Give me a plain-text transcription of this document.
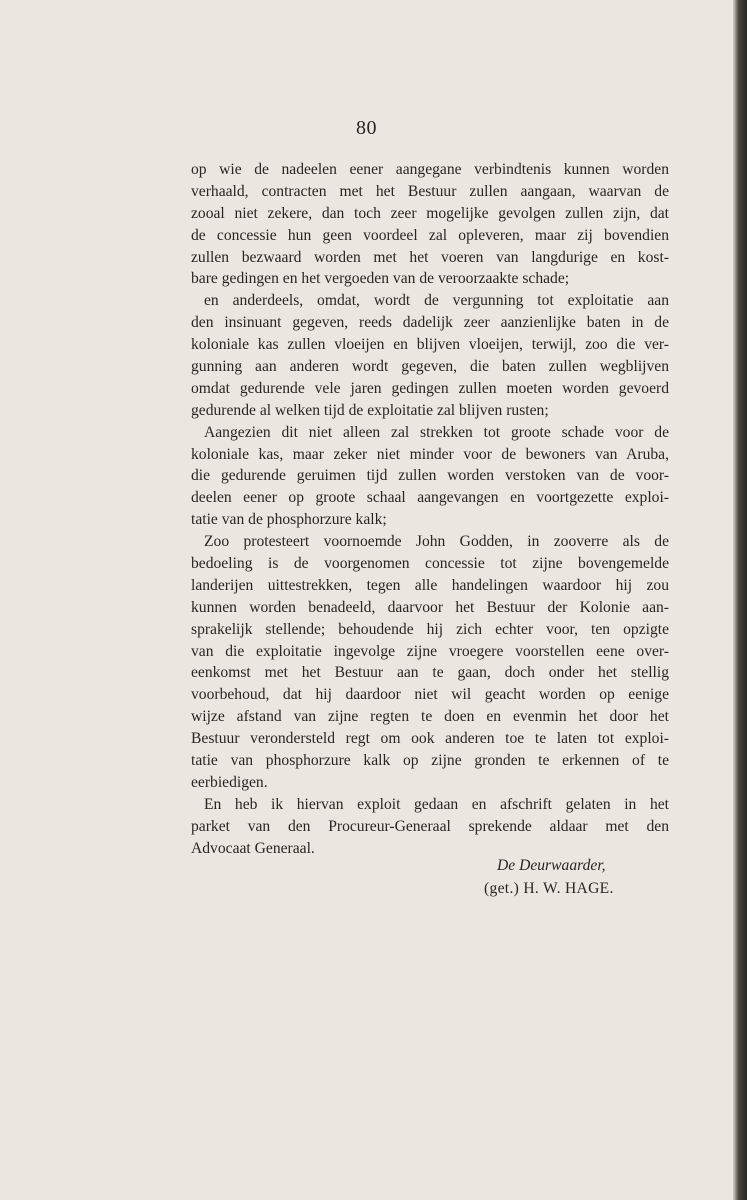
80
op wie de nadeelen eener aangegane verbindtenis kunnen worden
verhaald, contracten met het Bestuur zullen aangaan, waarvan de
zooal niet zekere, dan toch zeer mogelijke gevolgen zullen zijn, dat
de concessie hun geen voordeel zal opleveren, maar zij bovendien
zullen bezwaard worden met het voeren van langdurige en kost-
bare gedingen en het vergoeden van de veroorzaakte schade;
en anderdeels, omdat, wordt de vergunning tot exploitatie aan
den insinuant gegeven, reeds dadelijk zeer aanzienlijke baten in de
koloniale kas zullen vloeijen en blijven vloeijen, terwijl, zoo die ver-
gunning aan anderen wordt gegeven, die baten zullen wegblijven
omdat gedurende vele jaren gedingen zullen moeten worden gevoerd
gedurende al welken tijd de exploitatie zal blijven rusten;
Aangezien dit niet alleen zal strekken tot groote schade voor de
koloniale kas, maar zeker niet minder voor de bewoners van Aruba,
die gedurende geruimen tijd zullen worden verstoken van de voor-
deelen eener op groote schaal aangevangen en voortgezette exploi-
tatie van de phosphorzure kalk;
Zoo protesteert voornoemde John Godden, in zooverre als de
bedoeling is de voorgenomen concessie tot zijne bovengemelde
landerijen uittestrekken, tegen alle handelingen waardoor hij zou
kunnen worden benadeeld, daarvoor het Bestuur der Kolonie aan-
sprakelijk stellende; behoudende hij zich echter voor, ten opzigte
van die exploitatie ingevolge zijne vroegere voorstellen eene over-
eenkomst met het Bestuur aan te gaan, doch onder het stellig
voorbehoud, dat hij daardoor niet wil geacht worden op eenige
wijze afstand van zijne regten te doen en evenmin het door het
Bestuur verondersteld regt om ook anderen toe te laten tot exploi-
tatie van phosphorzure kalk op zijne gronden te erkennen of te
eerbiedigen.
En heb ik hiervan exploit gedaan en afschrift gelaten in het
parket van den Procureur-Generaal sprekende aldaar met den
Advocaat Generaal.
De Deurwaarder,
(get.) H. W. HAGE.
